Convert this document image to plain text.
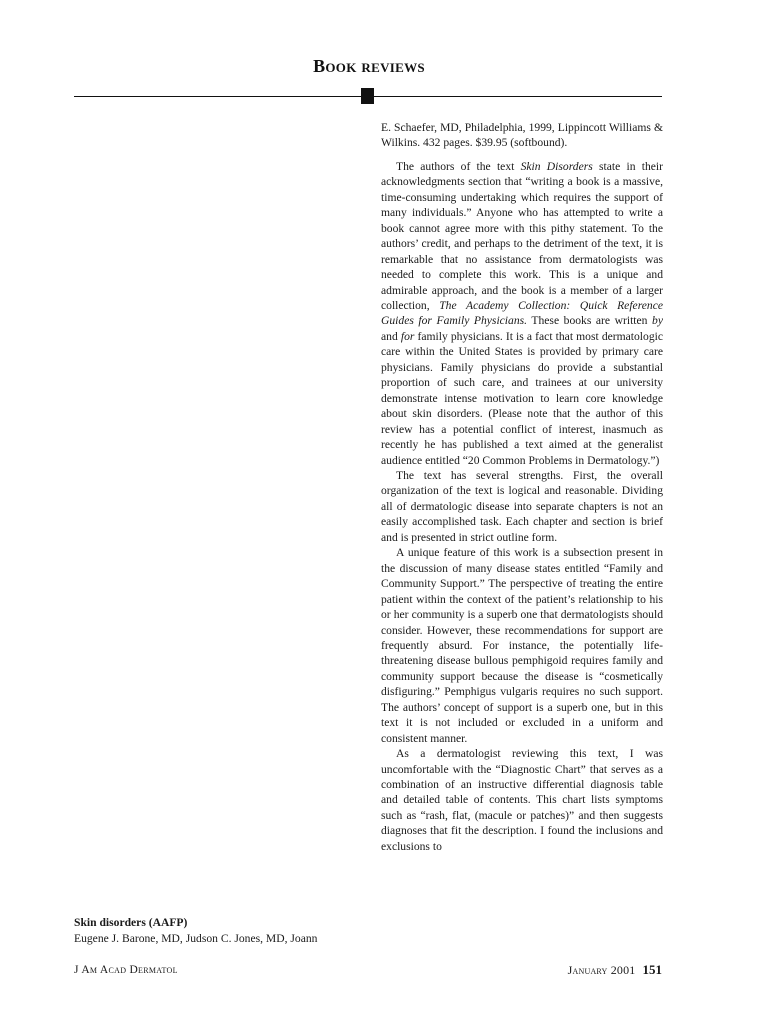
Book reviews

E. Schaefer, MD, Philadelphia, 1999, Lippincott Williams & Wilkins. 432 pages. $39.95 (softbound).

The authors of the text Skin Disorders state in their acknowledgments section that “writing a book is a massive, time-consuming undertaking which requires the support of many individuals.” Anyone who has attempted to write a book cannot agree more with this pithy statement. To the authors’ credit, and perhaps to the detriment of the text, it is remarkable that no assistance from dermatologists was needed to complete this work. This is a unique and admirable approach, and the book is a member of a larger collection, The Academy Collection: Quick Reference Guides for Family Physicians. These books are written by and for family physicians. It is a fact that most dermatologic care within the United States is provided by primary care physicians. Family physicians do provide a substantial proportion of such care, and trainees at our university demonstrate intense motivation to learn core knowledge about skin disorders. (Please note that the author of this review has a potential conflict of interest, inasmuch as recently he has published a text aimed at the generalist audience entitled “20 Common Problems in Dermatology.”)

The text has several strengths. First, the overall organization of the text is logical and reasonable. Dividing all of dermatologic disease into separate chapters is not an easily accomplished task. Each chapter and section is brief and is presented in strict outline form.

A unique feature of this work is a subsection present in the discussion of many disease states entitled “Family and Community Support.” The perspective of treating the entire patient within the context of the patient’s relationship to his or her community is a superb one that dermatologists should consider. However, these recommendations for support are frequently absurd. For instance, the potentially life-threatening disease bullous pemphigoid requires family and community support because the disease is “cosmetically disfiguring.” Pemphigus vulgaris requires no such support. The authors’ concept of support is a superb one, but in this text it is not included or excluded in a uniform and consistent manner.

As a dermatologist reviewing this text, I was uncomfortable with the “Diagnostic Chart” that serves as a combination of an instructive differential diagnosis table and detailed table of contents. This chart lists symptoms such as “rash, flat, (macule or patches)” and then suggests diagnoses that fit the description. I found the inclusions and exclusions to

Skin disorders (AAFP)
Eugene J. Barone, MD, Judson C. Jones, MD, Joann
J Am Acad Dermatol	January 2001 151
